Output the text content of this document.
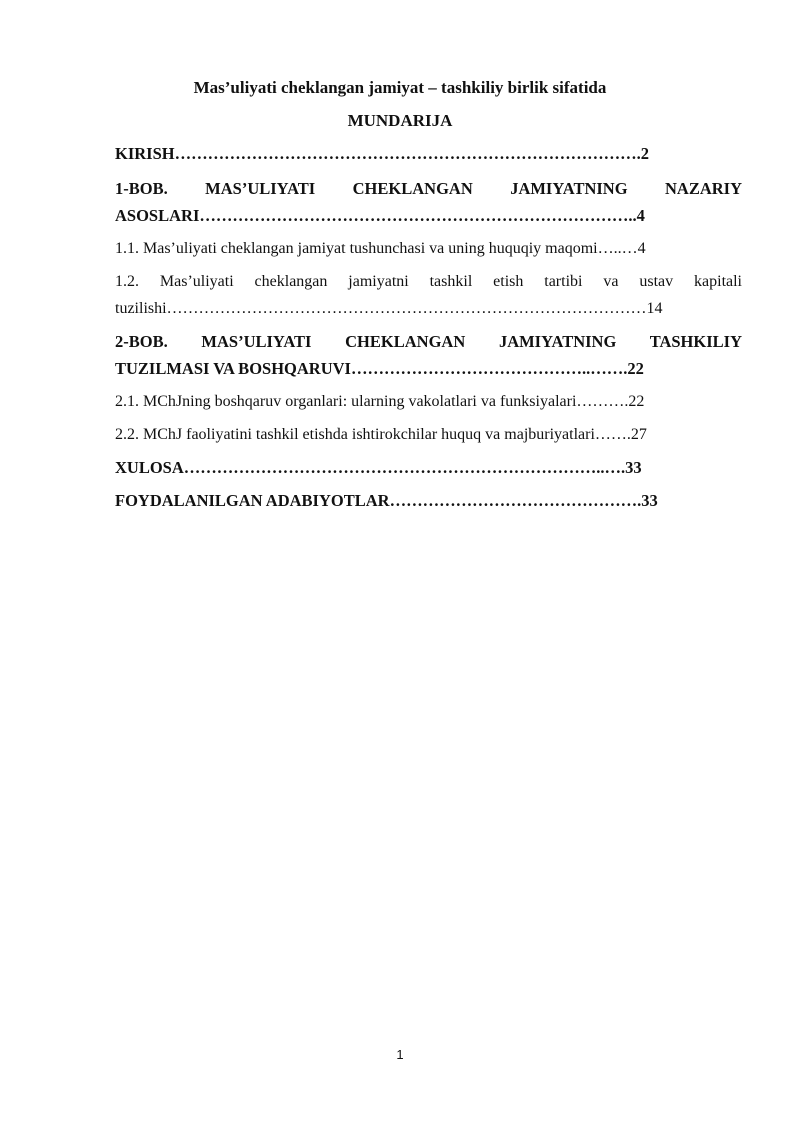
Mas’uliyati cheklangan jamiyat – tashkiliy birlik sifatida
MUNDARIJA
KIRISH………………………………………………………………………….2
1-BOB. MAS’ULIYATI CHEKLANGAN JAMIYATNING NAZARIY
ASOSLARI……………………………………………………………………..4
1.1. Mas’uliyati cheklangan jamiyat tushunchasi va uning huquqiy maqomi…..…4
1.2. Mas’uliyati cheklangan jamiyatni tashkil etish tartibi va ustav kapitali
tuzilishi………………………………………………………………………………14
2-BOB. MAS’ULIYATI CHEKLANGAN JAMIYATNING TASHKILIY
TUZILMASI VA BOSHQARUVI……………………………………..…….22
2.1. MChJning boshqaruv organlari: ularning vakolatlari va funksiyalari……….22
2.2. MChJ faoliyatini tashkil etishda ishtirokchilar huquq va majburiyatlari…….27
XULOSA…………………………………………………………………..….33
FOYDALANILGAN ADABIYOTLAR……………………………………….33
1
